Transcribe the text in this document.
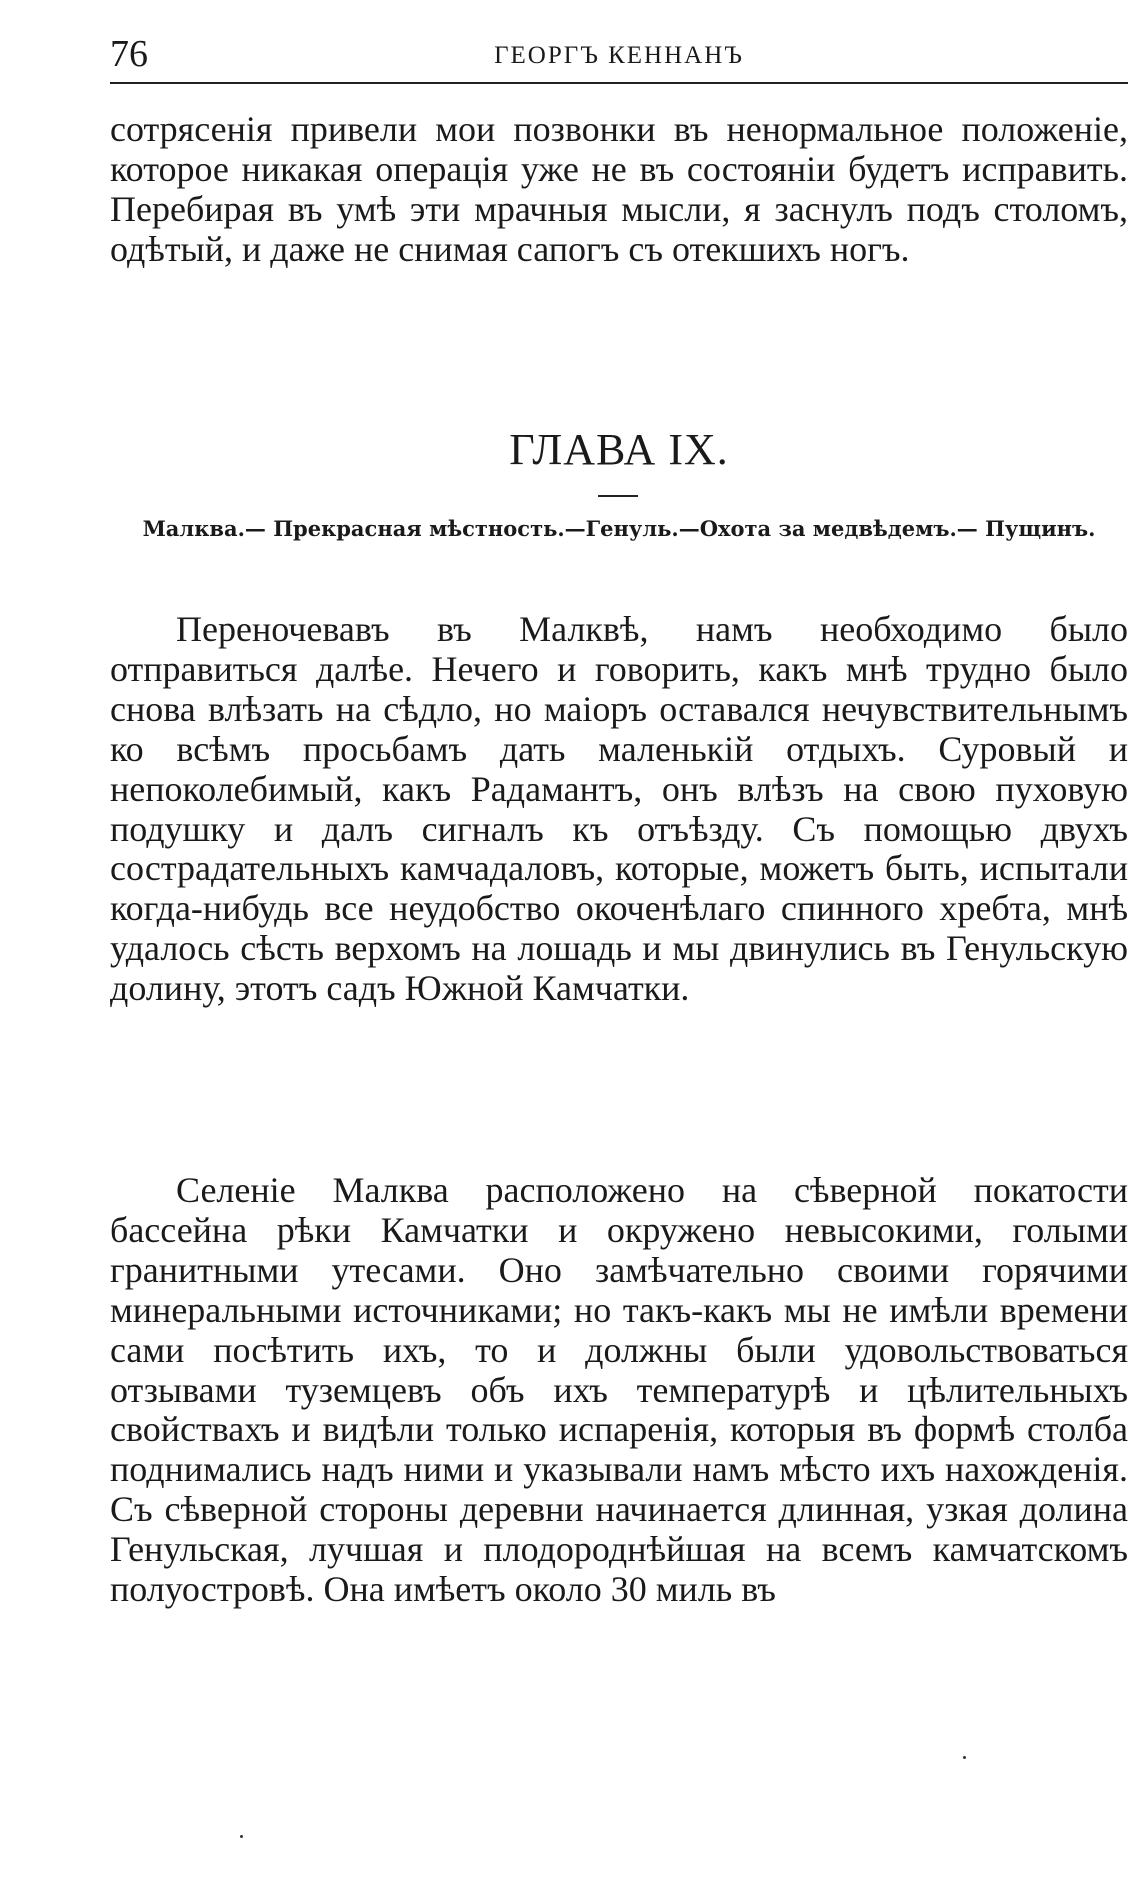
76	ГЕОРГЪ КЕННАНЪ

сотрясенія привели мои позвонки въ ненормальное положеніе, которое никакая операція уже не въ состояніи будетъ исправить. Перебирая въ умѣ эти мрачныя мысли, я заснулъ подъ столомъ, одѣтый, и даже не снимая сапогъ съ отекшихъ ногъ.

ГЛАВА IX.
Малква.— Прекрасная мѣстность.—Генуль.—Охота за медвѣдемъ.— Пущинъ.

Переночевавъ въ Малквѣ, намъ необходимо было отправиться далѣе. Нечего и говорить, какъ мнѣ трудно было снова влѣзать на сѣдло, но маіоръ оставался нечувствительнымъ ко всѣмъ просьбамъ дать маленькій отдыхъ. Суровый и непоколебимый, какъ Радамантъ, онъ влѣзъ на свою пуховую подушку и далъ сигналъ къ отъѣзду. Съ помощью двухъ сострадательныхъ камчадаловъ, которые, можетъ быть, испытали когда-нибудь все неудобство окоченѣлаго спинного хребта, мнѣ удалось сѣсть верхомъ на лошадь и мы двинулись въ Генульскую долину, этотъ садъ Южной Камчатки.

Селеніе Малква расположено на сѣверной покатости бассейна рѣки Камчатки и окружено невысокими, голыми гранитными утесами. Оно замѣчательно своими горячими минеральными источниками; но такъ-какъ мы не имѣли времени сами посѣтить ихъ, то и должны были удовольствоваться отзывами туземцевъ объ ихъ температурѣ и цѣлительныхъ свойствахъ и видѣли только испаренія, которыя въ формѣ столба поднимались надъ ними и указывали намъ мѣсто ихъ нахожденія. Съ сѣверной стороны деревни начинается длинная, узкая долина Генульская, лучшая и плодороднѣйшая на всемъ камчатскомъ полуостровѣ. Она имѣетъ около 30 миль въ
